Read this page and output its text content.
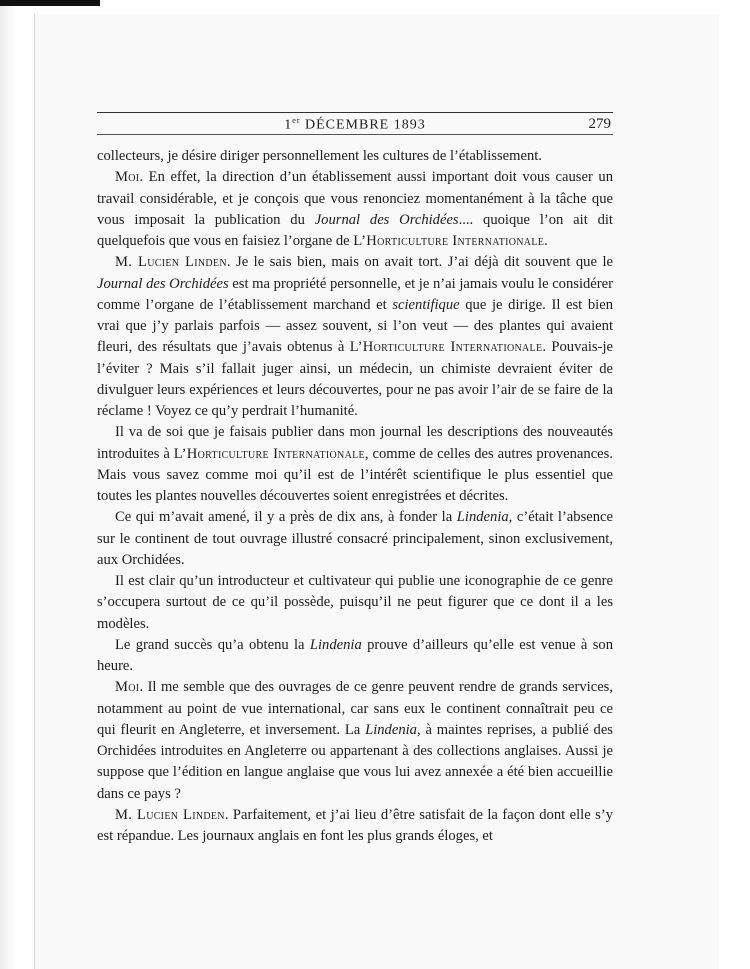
1er DÉCEMBRE 1893	279

collecteurs, je désire diriger personnellement les cultures de l’établissement.

Moi. En effet, la direction d’un établissement aussi important doit vous causer un travail considérable, et je conçois que vous renonciez momentanément à la tâche que vous imposait la publication du Journal des Orchidées.... quoique l’on ait dit quelquefois que vous en faisiez l’organe de L’Horticulture Internationale.

M. Lucien Linden. Je le sais bien, mais on avait tort. J’ai déjà dit souvent que le Journal des Orchidées est ma propriété personnelle, et je n’ai jamais voulu le considérer comme l’organe de l’établissement marchand et scientifique que je dirige. Il est bien vrai que j’y parlais parfois — assez souvent, si l’on veut — des plantes qui avaient fleuri, des résultats que j’avais obtenus à L’Horticulture Internationale. Pouvais-je l’éviter ? Mais s’il fallait juger ainsi, un médecin, un chimiste devraient éviter de divulguer leurs expériences et leurs découvertes, pour ne pas avoir l’air de se faire de la réclame ! Voyez ce qu’y perdrait l’humanité.

Il va de soi que je faisais publier dans mon journal les descriptions des nouveautés introduites à L’Horticulture Internationale, comme de celles des autres provenances. Mais vous savez comme moi qu’il est de l’intérêt scientifique le plus essentiel que toutes les plantes nouvelles découvertes soient enregistrées et décrites.

Ce qui m’avait amené, il y a près de dix ans, à fonder la Lindenia, c’était l’absence sur le continent de tout ouvrage illustré consacré principalement, sinon exclusivement, aux Orchidées.

Il est clair qu’un introducteur et cultivateur qui publie une iconographie de ce genre s’occupera surtout de ce qu’il possède, puisqu’il ne peut figurer que ce dont il a les modèles.

Le grand succès qu’a obtenu la Lindenia prouve d’ailleurs qu’elle est venue à son heure.

Moi. Il me semble que des ouvrages de ce genre peuvent rendre de grands services, notamment au point de vue international, car sans eux le continent connaîtrait peu ce qui fleurit en Angleterre, et inversement. La Lindenia, à maintes reprises, a publié des Orchidées introduites en Angleterre ou appartenant à des collections anglaises. Aussi je suppose que l’édition en langue anglaise que vous lui avez annexée a été bien accueillie dans ce pays ?

M. Lucien Linden. Parfaitement, et j’ai lieu d’être satisfait de la façon dont elle s’y est répandue. Les journaux anglais en font les plus grands éloges, et
